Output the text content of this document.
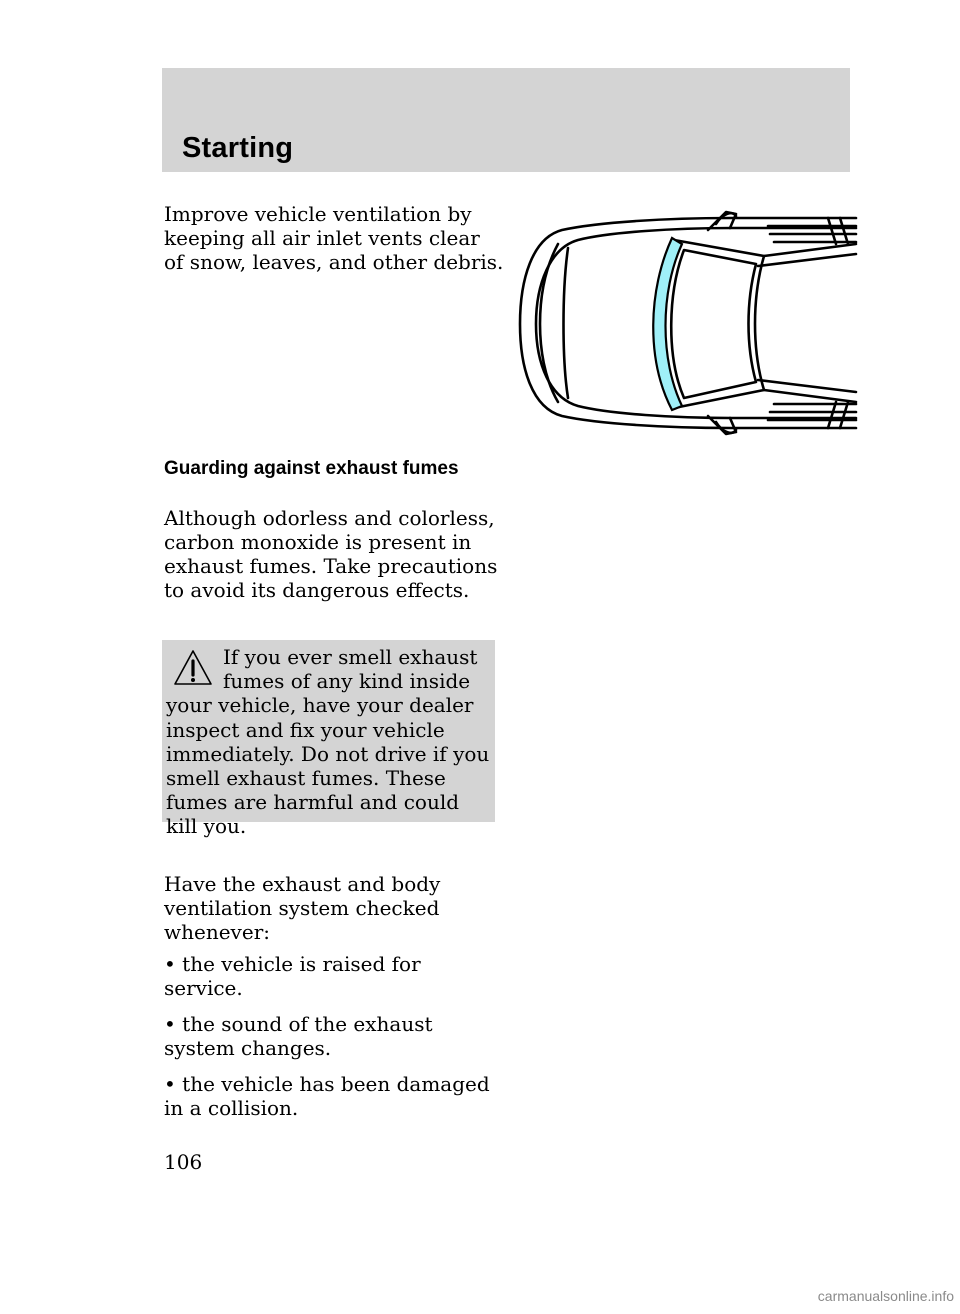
Starting

Improve vehicle ventilation by keeping all air inlet vents clear of snow, leaves, and other debris.

Guarding against exhaust fumes

Although odorless and colorless, carbon monoxide is present in exhaust fumes. Take precautions to avoid its dangerous effects.

If you ever smell exhaust fumes of any kind inside your vehicle, have your dealer inspect and fix your vehicle immediately. Do not drive if you smell exhaust fumes. These fumes are harmful and could kill you.

Have the exhaust and body ventilation system checked whenever:

• the vehicle is raised for service.

• the sound of the exhaust system changes.

• the vehicle has been damaged in a collision.

106
carmanualsonline.info
